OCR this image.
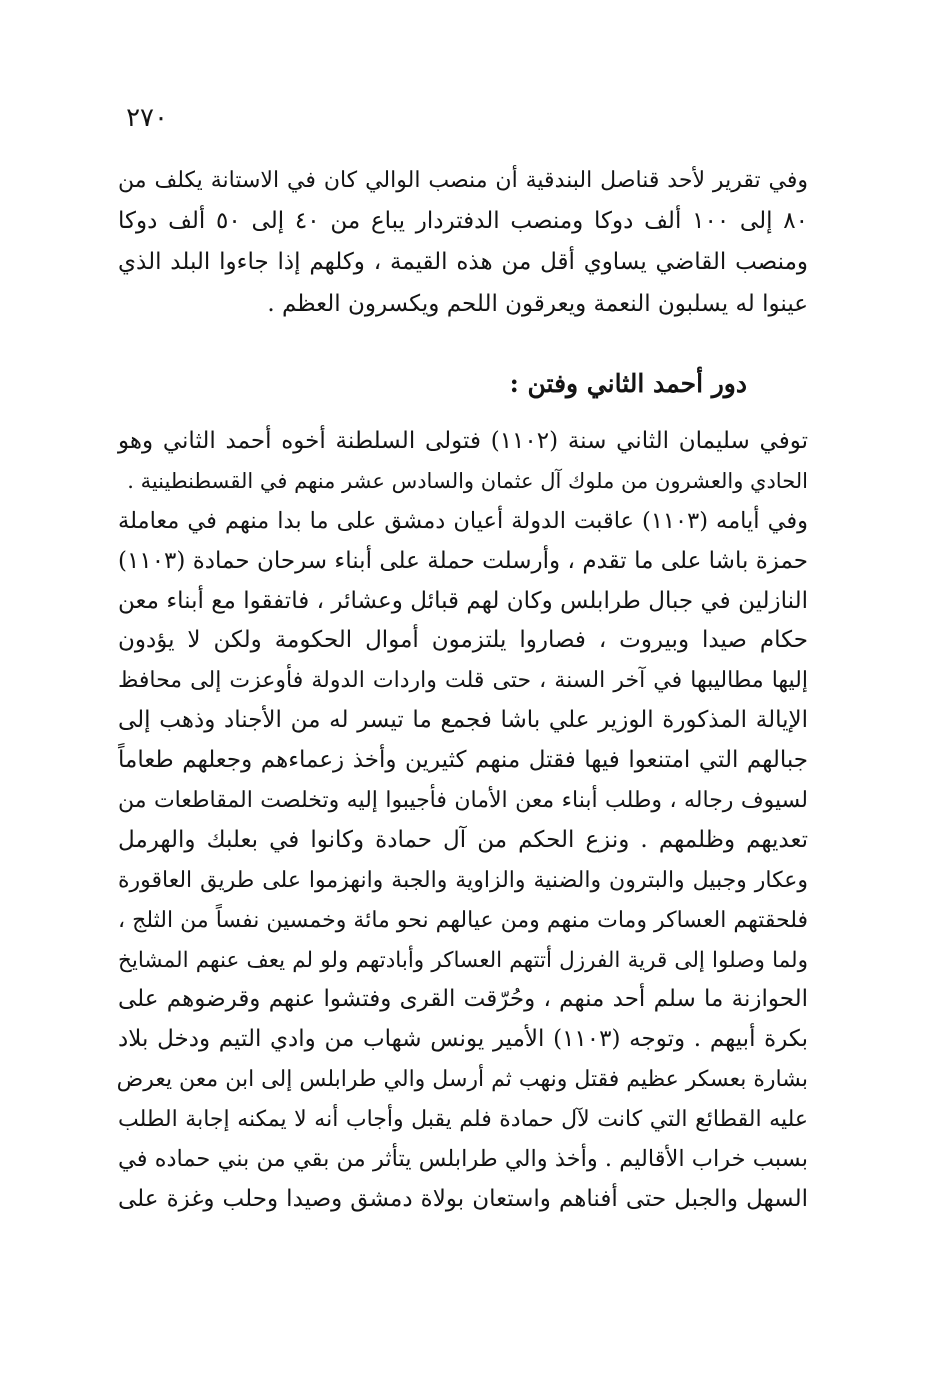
٢٧٠
وفي تقرير لأحد قناصل البندقية أن منصب الوالي كان في الاستانة يكلف من
٨٠ إلى ١٠٠ ألف دوكا ومنصب الدفتردار يباع من ٤٠ إلى ٥٠ ألف دوكا
ومنصب القاضي يساوي أقل من هذه القيمة ، وكلهم إذا جاءوا البلد الذي
عينوا له يسلبون النعمة ويعرقون اللحم ويكسرون العظم .
دور أحمد الثاني وفتن :
توفي سليمان الثاني سنة (١١٠٢) فتولى السلطنة أخوه أحمد الثاني وهو
الحادي والعشرون من ملوك آل عثمان والسادس عشر منهم في القسطنطينية .
وفي أيامه (١١٠٣) عاقبت الدولة أعيان دمشق على ما بدا منهم في معاملة
حمزة باشا على ما تقدم ، وأرسلت حملة على أبناء سرحان حمادة (١١٠٣)
النازلين في جبال طرابلس وكان لهم قبائل وعشائر ، فاتفقوا مع أبناء معن
حكام صيدا وبيروت ، فصاروا يلتزمون أموال الحكومة ولكن لا يؤدون
إليها مطاليبها في آخر السنة ، حتى قلت واردات الدولة فأوعزت إلى محافظ
الإيالة المذكورة الوزير علي باشا فجمع ما تيسر له من الأجناد وذهب إلى
جبالهم التي امتنعوا فيها فقتل منهم كثيرين وأخذ زعماءهم وجعلهم طعاماً
لسيوف رجاله ، وطلب أبناء معن الأمان فأجيبوا إليه وتخلصت المقاطعات من
تعديهم وظلمهم . ونزع الحكم من آل حمادة وكانوا في بعلبك والهرمل
وعكار وجبيل والبترون والضنية والزاوية والجبة وانهزموا على طريق العاقورة
فلحقتهم العساكر ومات منهم ومن عيالهم نحو مائة وخمسين نفساً من الثلج ،
ولما وصلوا إلى قرية الفرزل أتتهم العساكر وأبادتهم ولو لم يعف عنهم المشايخ
الحوازنة ما سلم أحد منهم ، وحُرّقت القرى وفتشوا عنهم وقرضوهم على
بكرة أبيهم . وتوجه (١١٠٣) الأمير يونس شهاب من وادي التيم ودخل بلاد
بشارة بعسكر عظيم فقتل ونهب ثم أرسل والي طرابلس إلى ابن معن يعرض
عليه القطائع التي كانت لآل حمادة فلم يقبل وأجاب أنه لا يمكنه إجابة الطلب
بسبب خراب الأقاليم . وأخذ والي طرابلس يتأثر من بقي من بني حماده في
السهل والجبل حتى أفناهم واستعان بولاة دمشق وصيدا وحلب وغزة على
